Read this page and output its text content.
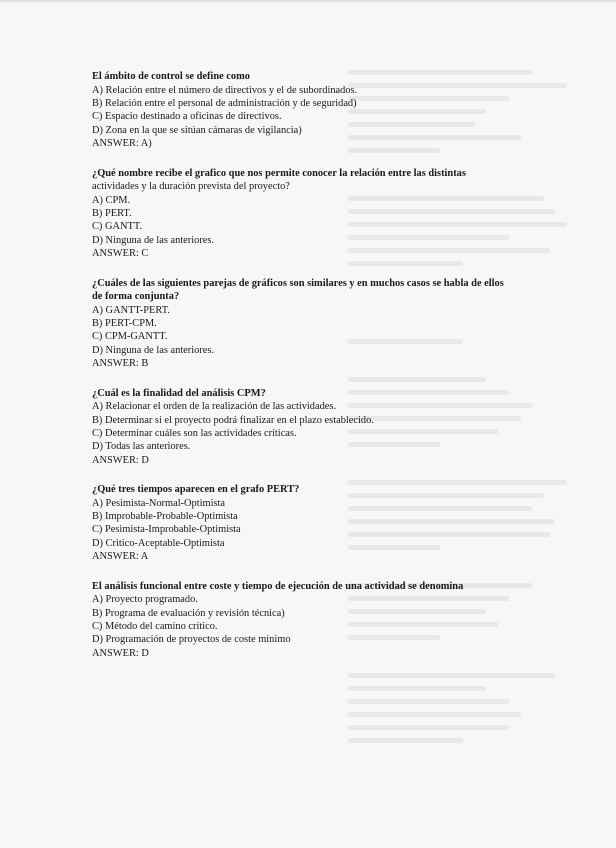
El ámbito de control se define como

A) Relación entre el número de directivos y el de subordinados.

B) Relación entre el personal de administración y de seguridad)

C) Espacio destinado a oficinas de directivos.

D) Zona en la que se sitúan cámaras de vigilancia)

ANSWER: A)

¿Qué nombre recibe el grafico que nos permite conocer la relación entre las distintas actividades y la duración prevista del proyecto?

A) CPM.

B) PERT.

C) GANTT.

D) Ninguna de las anteriores.

ANSWER: C

¿Cuáles de las siguientes parejas de gráficos son similares y en muchos casos se habla de ellos de forma conjunta?

A) GANTT-PERT.

B) PERT-CPM.

C) CPM-GANTT.

D) Ninguna de las anteriores.

ANSWER: B

¿Cuál es la finalidad del análisis CPM?

A) Relacionar el orden de la realización de las actividades.

B) Determinar si el proyecto podrá finalizar en el plazo establecido.

C) Determinar cuáles son las actividades críticas.

D) Todas las anteriores.

ANSWER: D

¿Qué tres tiempos aparecen en el grafo PERT?

A) Pesimista-Normal-Optimista

B) Improbable-Probable-Optimista

C) Pesimista-Improbable-Optimista

D) Critico-Aceptable-Optimista

ANSWER: A

El análisis funcional entre coste y tiempo de ejecución de una actividad se denomina

A) Proyecto programado.

B) Programa de evaluación y revisión técnica)

C) Método del camino crítico.

D) Programación de proyectos de coste mínimo

ANSWER: D
